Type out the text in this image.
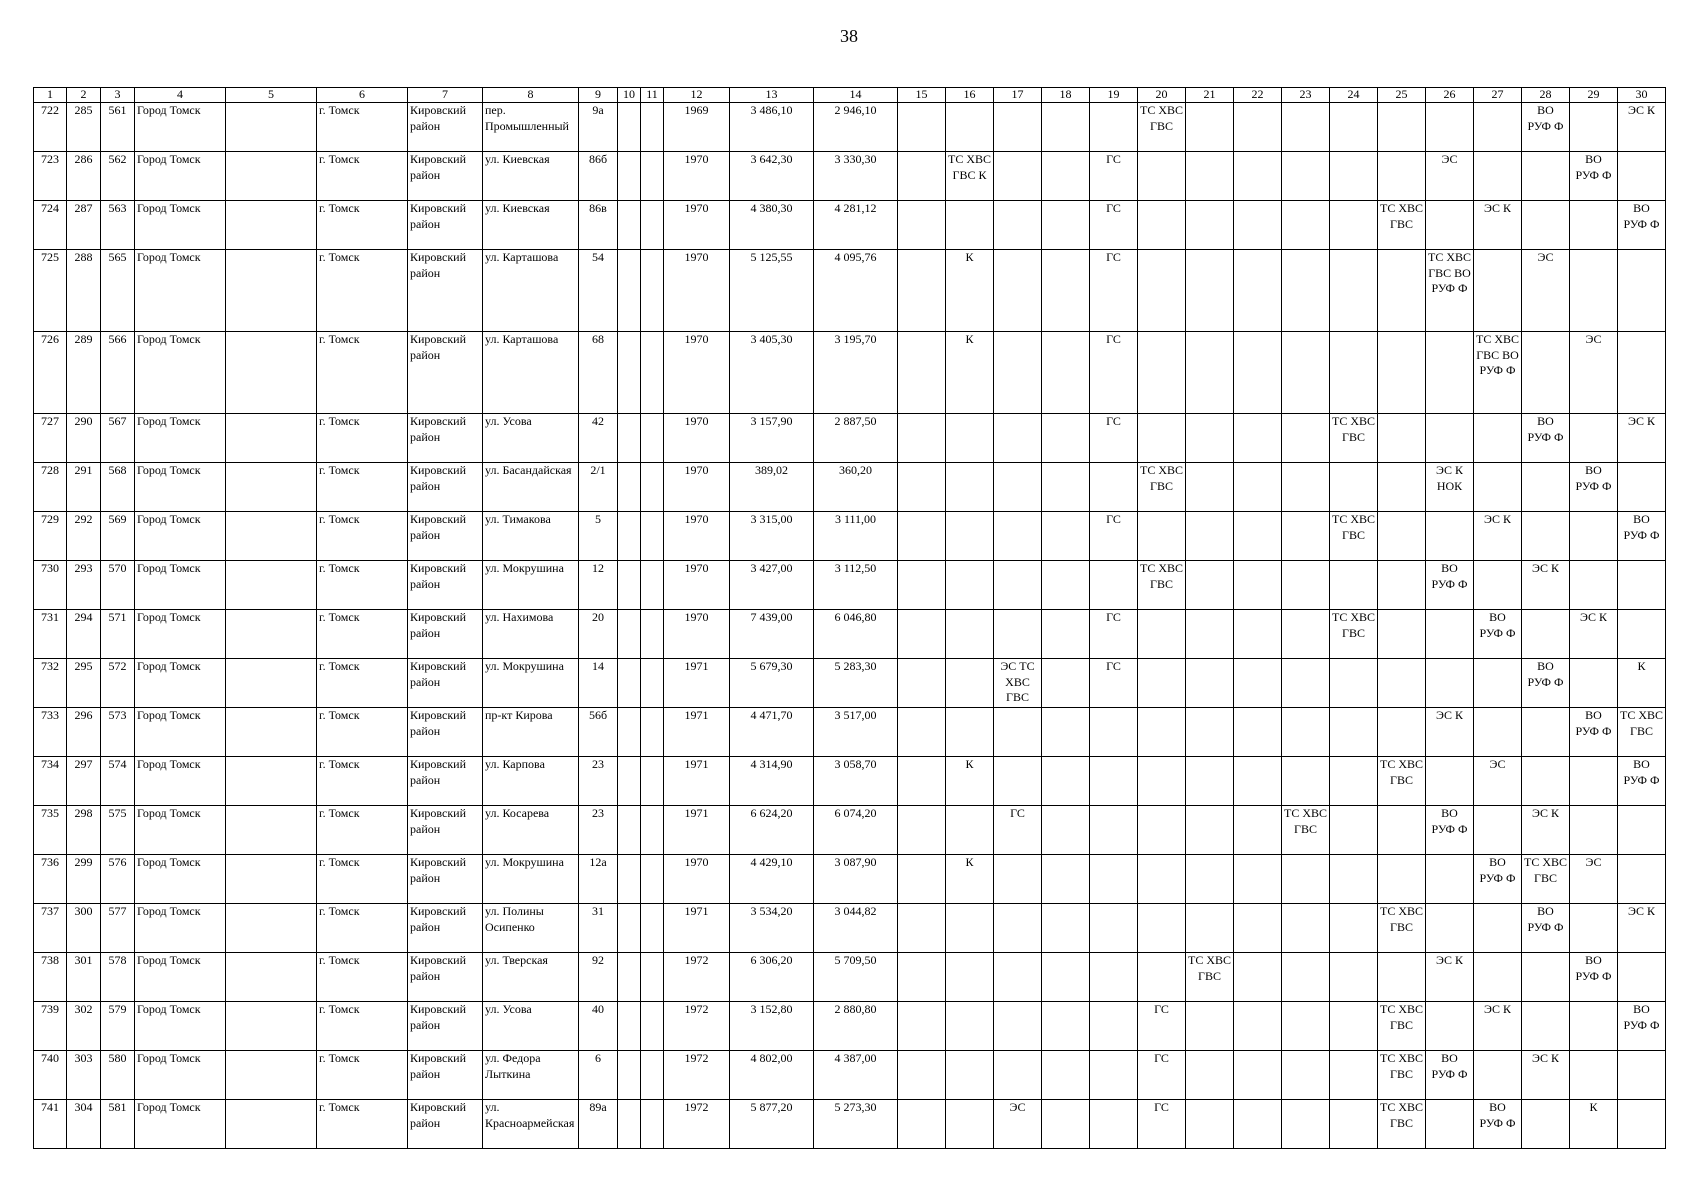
38
1	2	3	4	5	6	7	8	9	10	11	12	13	14	15	16	17	18	19	20	21	22	23	24	25	26	27	28	29	30
722	285	561	Город Томск		г. Томск	Кировский район	пер. Промышленный	9а			1969	3 486,10	2 946,10						ТС ХВС ГВС								ВО РУФ Ф		ЭС К
723	286	562	Город Томск		г. Томск	Кировский район	ул. Киевская	86б			1970	3 642,30	3 330,30		ТС ХВС ГВС К			ГС							ЭС			ВО РУФ Ф	
724	287	563	Город Томск		г. Томск	Кировский район	ул. Киевская	86в			1970	4 380,30	4 281,12					ГС						ТС ХВС ГВС		ЭС К			ВО РУФ Ф
725	288	565	Город Томск		г. Томск	Кировский район	ул. Карташова	54			1970	5 125,55	4 095,76		К			ГС							ТС ХВС ГВС ВО РУФ Ф		ЭС		
726	289	566	Город Томск		г. Томск	Кировский район	ул. Карташова	68			1970	3 405,30	3 195,70		К			ГС								ТС ХВС ГВС ВО РУФ Ф		ЭС	
727	290	567	Город Томск		г. Томск	Кировский район	ул. Усова	42			1970	3 157,90	2 887,50					ГС					ТС ХВС ГВС				ВО РУФ Ф		ЭС К
728	291	568	Город Томск		г. Томск	Кировский район	ул. Басандайская	2/1			1970	389,02	360,20						ТС ХВС ГВС						ЭС К НОК			ВО РУФ Ф	
729	292	569	Город Томск		г. Томск	Кировский район	ул. Тимакова	5			1970	3 315,00	3 111,00					ГС					ТС ХВС ГВС			ЭС К			ВО РУФ Ф
730	293	570	Город Томск		г. Томск	Кировский район	ул. Мокрушина	12			1970	3 427,00	3 112,50						ТС ХВС ГВС						ВО РУФ Ф		ЭС К		
731	294	571	Город Томск		г. Томск	Кировский район	ул. Нахимова	20			1970	7 439,00	6 046,80					ГС					ТС ХВС ГВС			ВО РУФ Ф		ЭС К	
732	295	572	Город Томск		г. Томск	Кировский район	ул. Мокрушина	14			1971	5 679,30	5 283,30			ЭС ТС ХВС ГВС		ГС									ВО РУФ Ф		К
733	296	573	Город Томск		г. Томск	Кировский район	пр-кт Кирова	56б			1971	4 471,70	3 517,00												ЭС К			ВО РУФ Ф	ТС ХВС ГВС
734	297	574	Город Томск		г. Томск	Кировский район	ул. Карпова	23			1971	4 314,90	3 058,70		К									ТС ХВС ГВС		ЭС			ВО РУФ Ф
735	298	575	Город Томск		г. Томск	Кировский район	ул. Косарева	23			1971	6 624,20	6 074,20			ГС						ТС ХВС ГВС			ВО РУФ Ф		ЭС К		
736	299	576	Город Томск		г. Томск	Кировский район	ул. Мокрушина	12а			1970	4 429,10	3 087,90		К											ВО РУФ Ф	ТС ХВС ГВС	ЭС	
737	300	577	Город Томск		г. Томск	Кировский район	ул. Полины Осипенко	31			1971	3 534,20	3 044,82											ТС ХВС ГВС			ВО РУФ Ф		ЭС К
738	301	578	Город Томск		г. Томск	Кировский район	ул. Тверская	92			1972	6 306,20	5 709,50							ТС ХВС ГВС					ЭС К			ВО РУФ Ф	
739	302	579	Город Томск		г. Томск	Кировский район	ул. Усова	40			1972	3 152,80	2 880,80						ГС					ТС ХВС ГВС		ЭС К			ВО РУФ Ф
740	303	580	Город Томск		г. Томск	Кировский район	ул. Федора Лыткина	6			1972	4 802,00	4 387,00						ГС					ТС ХВС ГВС	ВО РУФ Ф		ЭС К		
741	304	581	Город Томск		г. Томск	Кировский район	ул. Красноармейская	89а			1972	5 877,20	5 273,30			ЭС			ГС					ТС ХВС ГВС		ВО РУФ Ф		К	
